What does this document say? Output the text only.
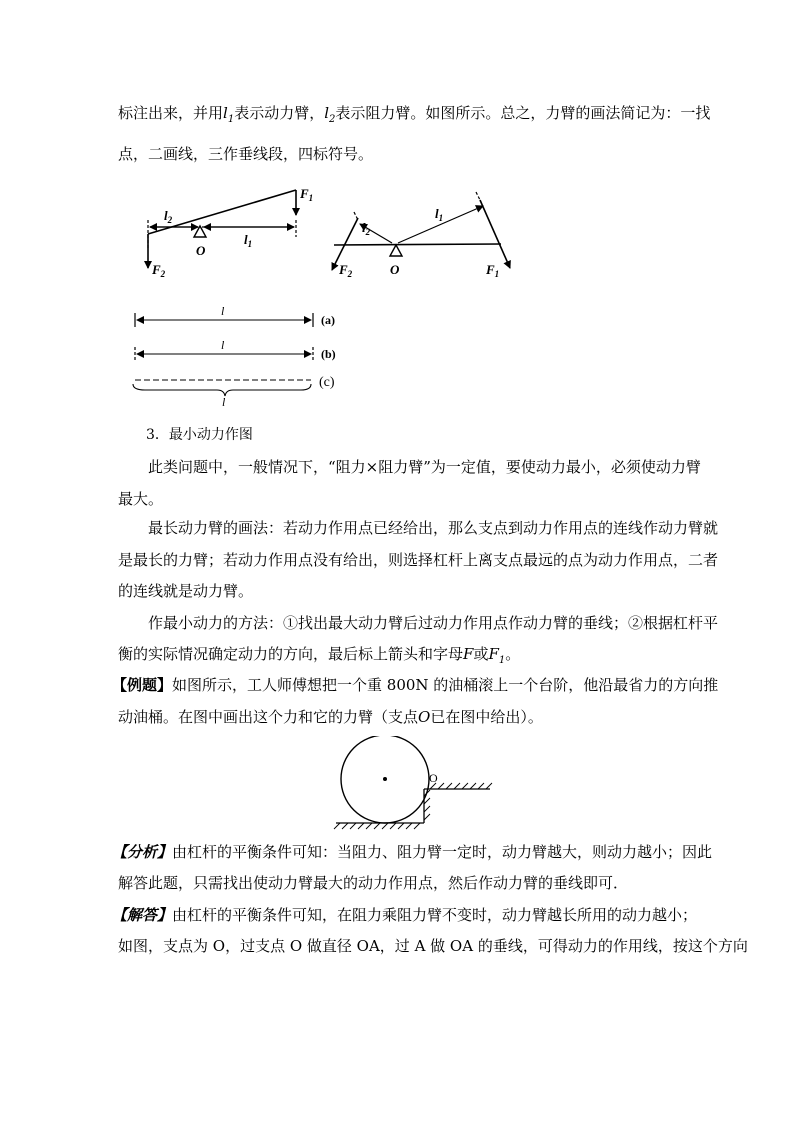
标注出来，并用$l_1$表示动力臂，$l_2$表示阻力臂。如图所示。总之，力臂的画法简记为：一找
点，二画线，三作垂线段，四标符号。
$l_2$
$l_1$
O
$F_1$
$F_2$
$l_2$
$l_1$
O
$F_2$	$F_1$
l
(a)
l
(b)
l
(c)
3．最小动力作图
此类问题中，一般情况下，“阻力×阻力臂”为一定值，要使动力最小，必须使动力臂
最大。
最长动力臂的画法：若动力作用点已经给出，那么支点到动力作用点的连线作动力臂就
是最长的力臂；若动力作用点没有给出，则选择杠杆上离支点最远的点为动力作用点，二者
的连线就是动力臂。
作最小动力的方法：①找出最大动力臂后过动力作用点作动力臂的垂线；②根据杠杆平
衡的实际情况确定动力的方向，最后标上箭头和字母F或$F_1$。
【例题】如图所示，工人师傅想把一个重 800N 的油桶滚上一个台阶，他沿最省力的方向推
动油桶。在图中画出这个力和它的力臂（支点O已在图中给出）。
O
【分析】由杠杆的平衡条件可知：当阻力、阻力臂一定时，动力臂越大，则动力越小；因此
解答此题，只需找出使动力臂最大的动力作用点，然后作动力臂的垂线即可．
【解答】由杠杆的平衡条件可知，在阻力乘阻力臂不变时，动力臂越长所用的动力越小；
如图，支点为 O，过支点 O 做直径 OA，过 A 做 OA 的垂线，可得动力的作用线，按这个方向
